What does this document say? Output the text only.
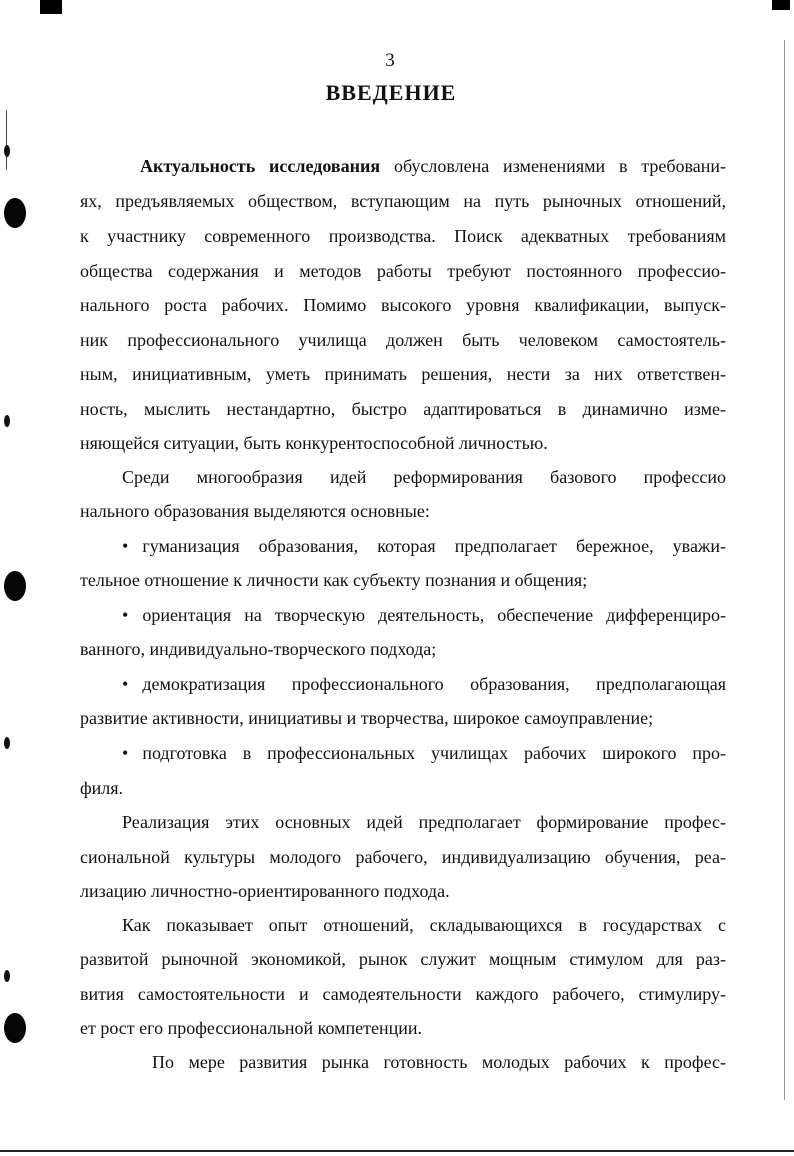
3
ВВЕДЕНИЕ
Актуальность исследования обусловлена изменениями в требовани-
ях, предъявляемых обществом, вступающим на путь рыночных отношений,
к участнику современного производства. Поиск адекватных требованиям
общества содержания и методов работы требуют постоянного профессио-
нального роста рабочих. Помимо высокого уровня квалификации, выпуск-
ник профессионального училища должен быть человеком самостоятель-
ным, инициативным, уметь принимать решения, нести за них ответствен-
ность, мыслить нестандартно, быстро адаптироваться в динамично изме-
няющейся ситуации, быть конкурентоспособной личностью.
Среди многообразия идей реформирования базового профессио
нального образования выделяются основные:
• гуманизация образования, которая предполагает бережное, уважи-
тельное отношение к личности как субъекту познания и общения;
• ориентация на творческую деятельность, обеспечение дифференциро-
ванного, индивидуально-творческого подхода;
• демократизация профессионального образования, предполагающая
развитие активности, инициативы и творчества, широкое самоуправление;
• подготовка в профессиональных училищах рабочих широкого про-
филя.
Реализация этих основных идей предполагает формирование профес-
сиональной культуры молодого рабочего, индивидуализацию обучения, реа-
лизацию личностно-ориентированного подхода.
Как показывает опыт отношений, складывающихся в государствах с
развитой рыночной экономикой, рынок служит мощным стимулом для раз-
вития самостоятельности и самодеятельности каждого рабочего, стимулиру-
ет рост его профессиональной компетенции.
По мере развития рынка готовность молодых рабочих к профес-
